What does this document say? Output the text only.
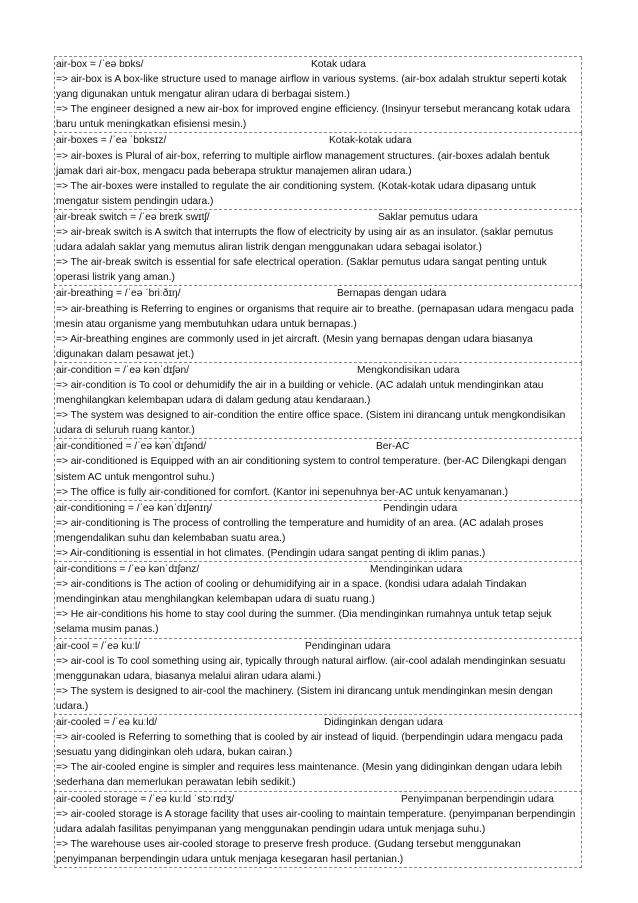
air-box = /ˈeə bɒks/	Kotak udara
=> air-box is A box-like structure used to manage airflow in various systems. (air-box adalah struktur seperti kotak yang digunakan untuk mengatur aliran udara di berbagai sistem.)
=> The engineer designed a new air-box for improved engine efficiency. (Insinyur tersebut merancang kotak udara baru untuk meningkatkan efisiensi mesin.)
air-boxes = /ˈeə ˈbɒksɪz/	Kotak-kotak udara
=> air-boxes is Plural of air-box, referring to multiple airflow management structures. (air-boxes adalah bentuk jamak dari air-box, mengacu pada beberapa struktur manajemen aliran udara.)
=> The air-boxes were installed to regulate the air conditioning system. (Kotak-kotak udara dipasang untuk mengatur sistem pendingin udara.)
air-break switch = /ˈeə breɪk swɪtʃ/	Saklar pemutus udara
=> air-break switch is A switch that interrupts the flow of electricity by using air as an insulator. (saklar pemutus udara adalah saklar yang memutus aliran listrik dengan menggunakan udara sebagai isolator.)
=> The air-break switch is essential for safe electrical operation. (Saklar pemutus udara sangat penting untuk operasi listrik yang aman.)
air-breathing = /ˈeə ˈbriːðɪŋ/	Bernapas dengan udara
=> air-breathing is Referring to engines or organisms that require air to breathe. (pernapasan udara mengacu pada mesin atau organisme yang membutuhkan udara untuk bernapas.)
=> Air-breathing engines are commonly used in jet aircraft. (Mesin yang bernapas dengan udara biasanya digunakan dalam pesawat jet.)
air-condition = /ˈeə kənˈdɪʃən/	Mengkondisikan udara
=> air-condition is To cool or dehumidify the air in a building or vehicle. (AC adalah untuk mendinginkan atau menghilangkan kelembapan udara di dalam gedung atau kendaraan.)
=> The system was designed to air-condition the entire office space. (Sistem ini dirancang untuk mengkondisikan udara di seluruh ruang kantor.)
air-conditioned = /ˈeə kənˈdɪʃənd/	Ber-AC
=> air-conditioned is Equipped with an air conditioning system to control temperature. (ber-AC Dilengkapi dengan sistem AC untuk mengontrol suhu.)
=> The office is fully air-conditioned for comfort. (Kantor ini sepenuhnya ber-AC untuk kenyamanan.)
air-conditioning = /ˈeə kənˈdɪʃənɪŋ/	Pendingin udara
=> air-conditioning is The process of controlling the temperature and humidity of an area. (AC adalah proses mengendalikan suhu dan kelembaban suatu area.)
=> Air-conditioning is essential in hot climates. (Pendingin udara sangat penting di iklim panas.)
air-conditions = /ˈeə kənˈdɪʃənz/	Mendinginkan udara
=> air-conditions is The action of cooling or dehumidifying air in a space. (kondisi udara adalah Tindakan mendinginkan atau menghilangkan kelembapan udara di suatu ruang.)
=> He air-conditions his home to stay cool during the summer. (Dia mendinginkan rumahnya untuk tetap sejuk selama musim panas.)
air-cool = /ˈeə kuːl/	Pendinginan udara
=> air-cool is To cool something using air, typically through natural airflow. (air-cool adalah mendinginkan sesuatu menggunakan udara, biasanya melalui aliran udara alami.)
=> The system is designed to air-cool the machinery. (Sistem ini dirancang untuk mendinginkan mesin dengan udara.)
air-cooled = /ˈeə kuːld/	Didinginkan dengan udara
=> air-cooled is Referring to something that is cooled by air instead of liquid. (berpendingin udara mengacu pada sesuatu yang didinginkan oleh udara, bukan cairan.)
=> The air-cooled engine is simpler and requires less maintenance. (Mesin yang didinginkan dengan udara lebih sederhana dan memerlukan perawatan lebih sedikit.)
air-cooled storage = /ˈeə kuːld ˈstɔːrɪdʒ/	Penyimpanan berpendingin udara
=> air-cooled storage is A storage facility that uses air-cooling to maintain temperature. (penyimpanan berpendingin udara adalah fasilitas penyimpanan yang menggunakan pendingin udara untuk menjaga suhu.)
=> The warehouse uses air-cooled storage to preserve fresh produce. (Gudang tersebut menggunakan penyimpanan berpendingin udara untuk menjaga kesegaran hasil pertanian.)
